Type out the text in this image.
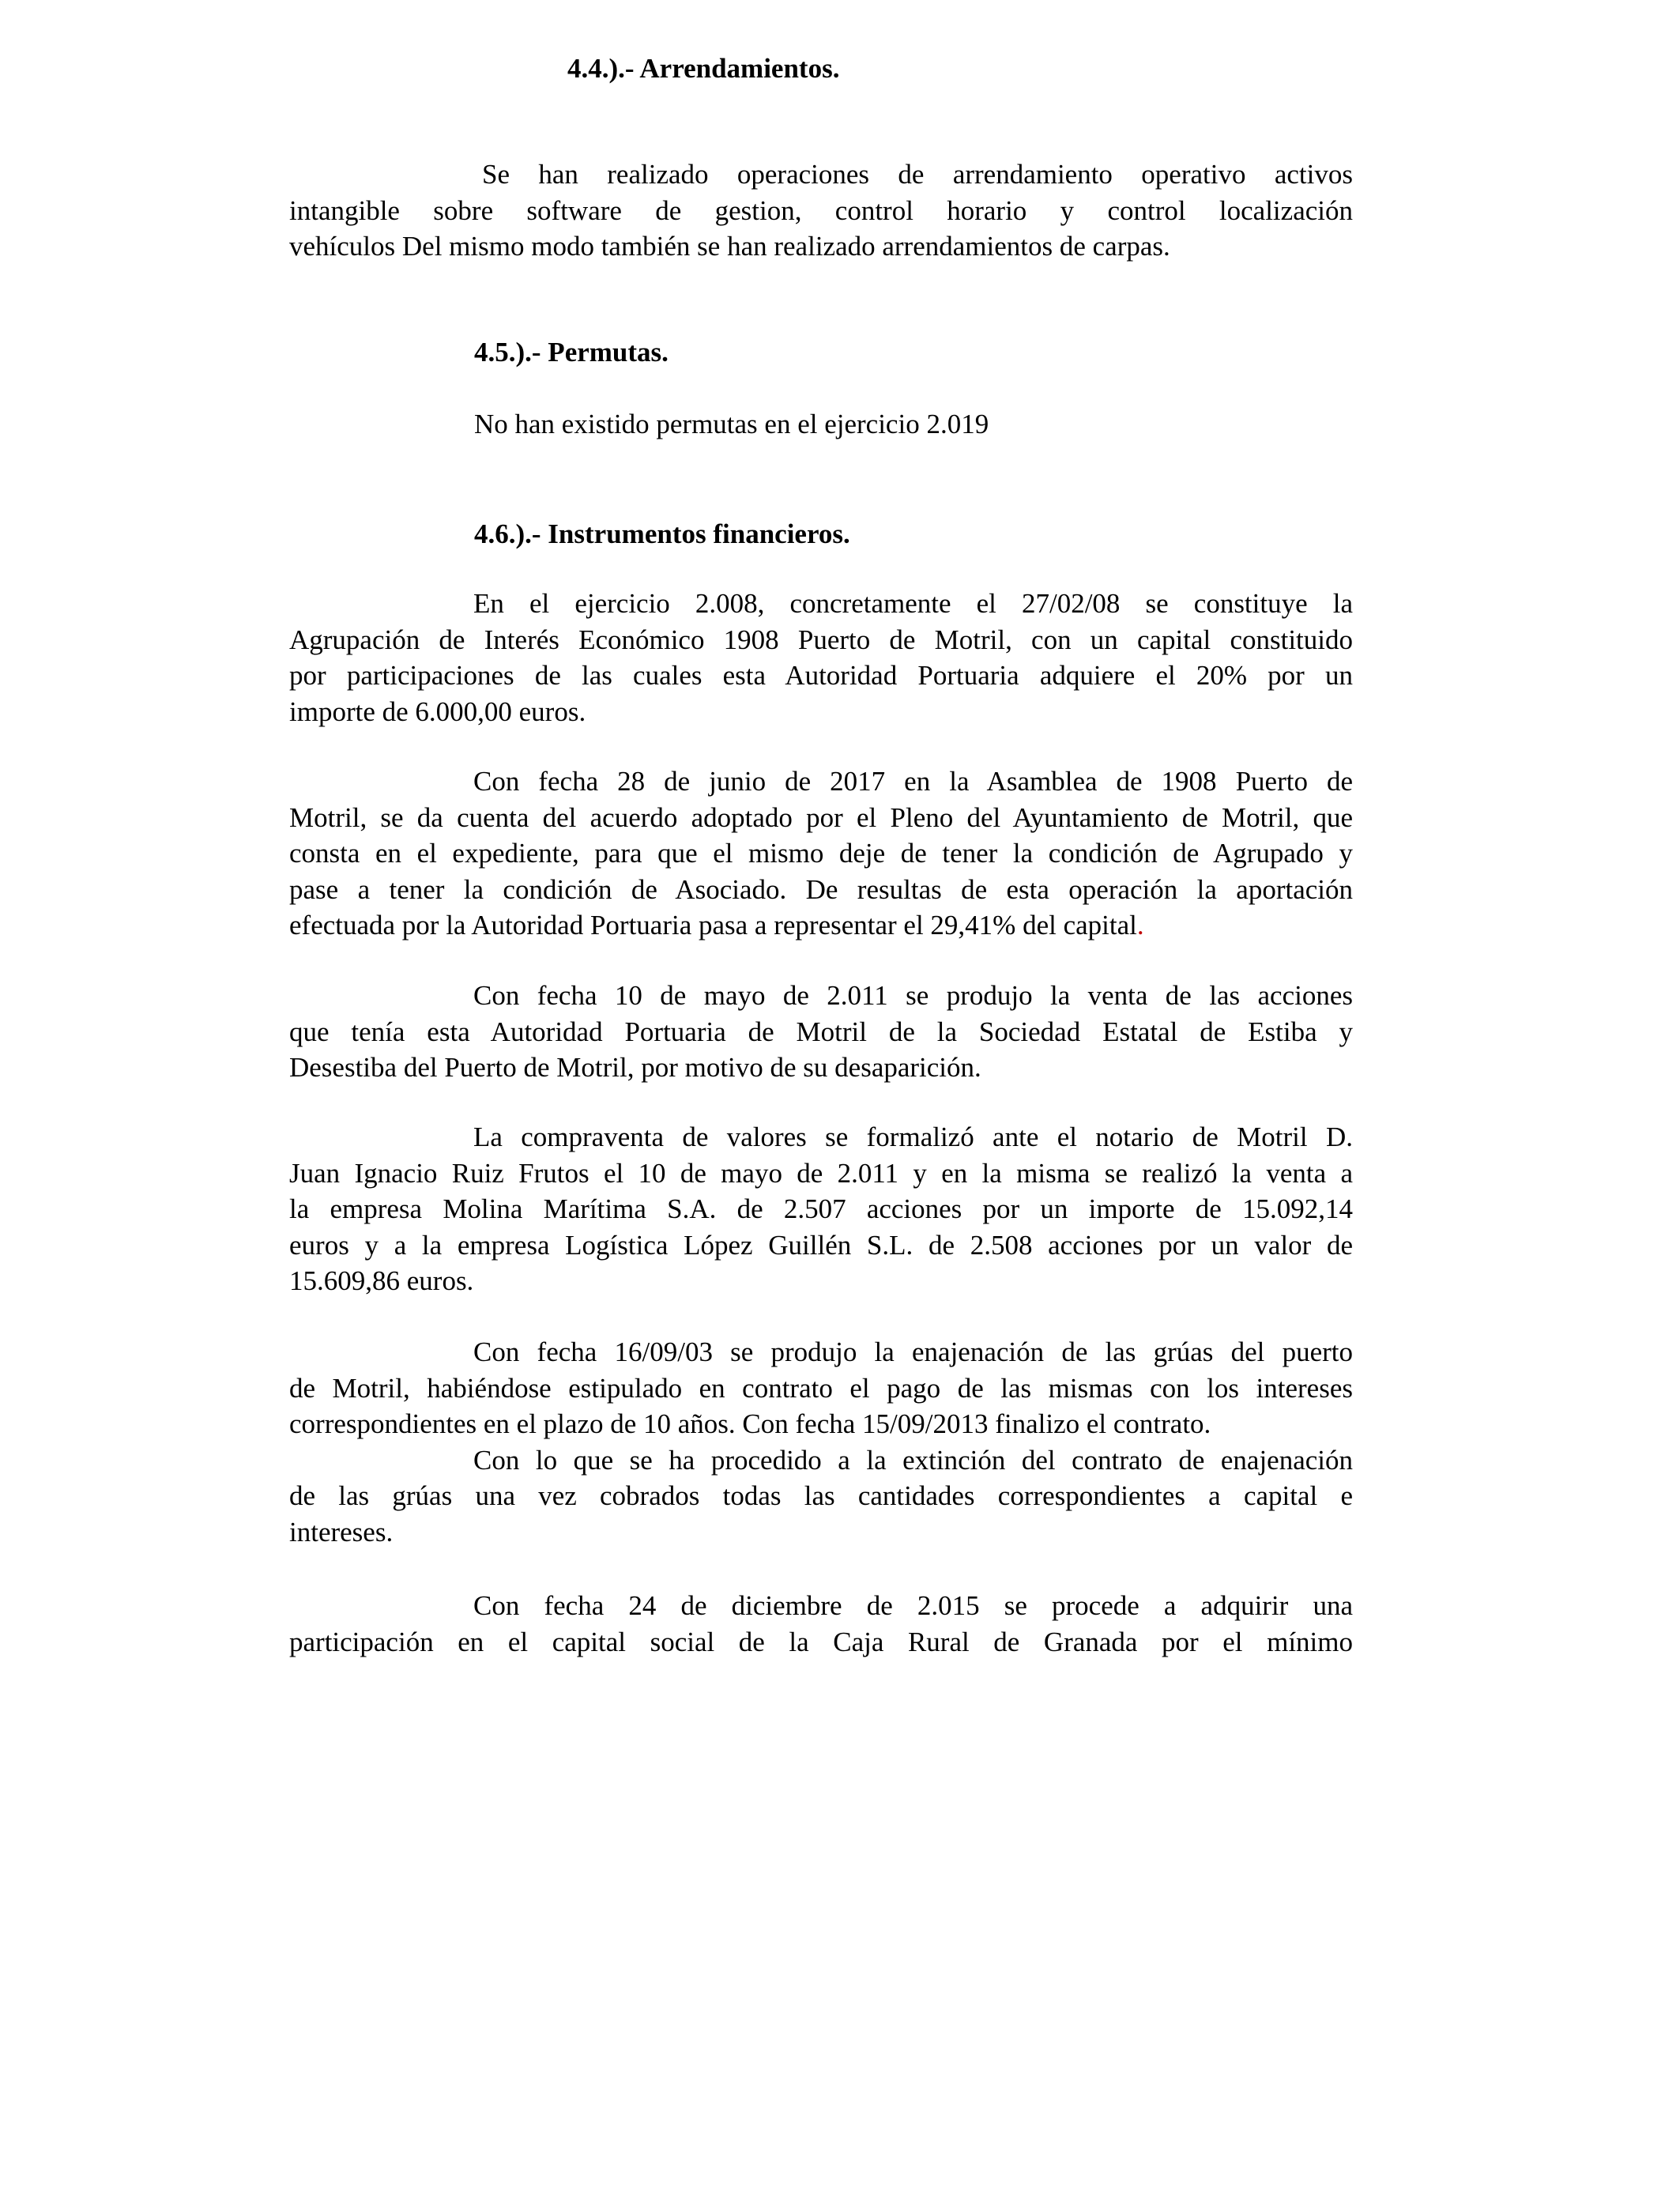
4.4.).- Arrendamientos.

Se han realizado operaciones de arrendamiento operativo activos
intangible sobre software de gestion, control horario y control localización
vehículos Del mismo modo también se han realizado arrendamientos de carpas.

4.5.).- Permutas.

No han existido permutas en el ejercicio 2.019

4.6.).- Instrumentos financieros.

En el ejercicio 2.008, concretamente el 27/02/08 se constituye la
Agrupación de Interés Económico 1908 Puerto de Motril, con un capital constituido
por participaciones de las cuales esta Autoridad Portuaria adquiere el 20% por un
importe de 6.000,00 euros.

Con fecha 28 de junio de 2017 en la Asamblea de 1908 Puerto de
Motril, se da cuenta del acuerdo adoptado por el Pleno del Ayuntamiento de Motril, que
consta en el expediente, para que el mismo deje de tener la condición de Agrupado y
pase a tener la condición de Asociado. De resultas de esta operación la aportación
efectuada por la Autoridad Portuaria pasa a representar el 29,41% del capital.

Con fecha 10 de mayo de 2.011 se produjo la venta de las acciones
que tenía esta Autoridad Portuaria de Motril de la Sociedad Estatal de Estiba y
Desestiba del Puerto de Motril, por motivo de su desaparición.

La compraventa de valores se formalizó ante el notario de Motril D.
Juan Ignacio Ruiz Frutos el 10 de mayo de 2.011 y en la misma se realizó la venta a
la empresa Molina Marítima S.A. de 2.507 acciones por un importe de 15.092,14
euros y a la empresa Logística López Guillén S.L. de 2.508 acciones por un valor de
15.609,86 euros.

Con fecha 16/09/03 se produjo la enajenación de las grúas del puerto
de Motril, habiéndose estipulado en contrato el pago de las mismas con los intereses
correspondientes en el plazo de 10 años. Con fecha 15/09/2013 finalizo el contrato.
Con lo que se ha procedido a la extinción del contrato de enajenación
de las grúas una vez cobrados todas las cantidades correspondientes a capital e
intereses.

Con fecha 24 de diciembre de 2.015 se procede a adquirir una
participación en el capital social de la Caja Rural de Granada por el mínimo
